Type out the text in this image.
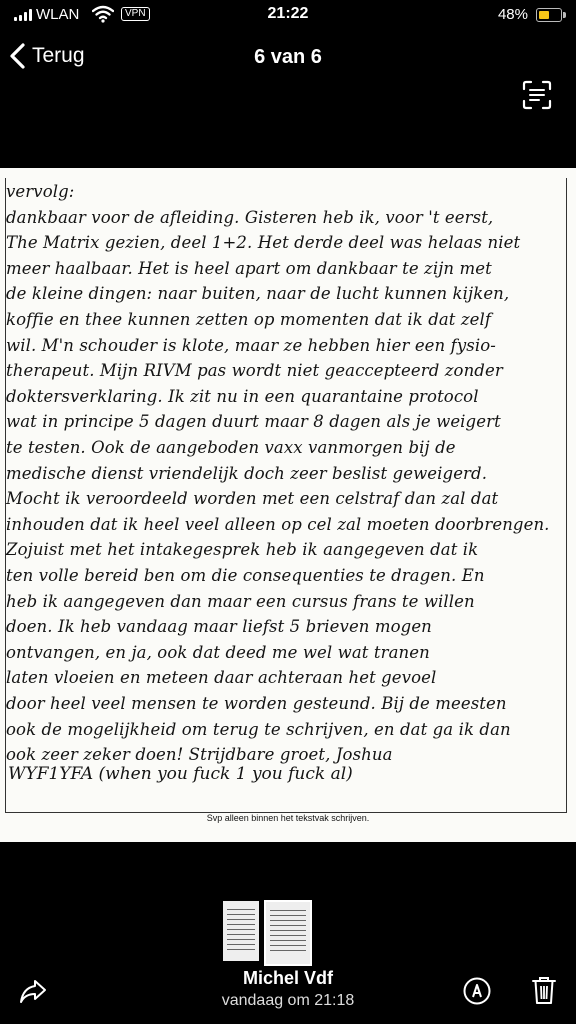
WLAN	VPN	21:22	48%
Terug	6 van 6
vervolg:
dankbaar voor de afleiding. Gisteren heb ik, voor 't eerst,
The Matrix gezien, deel 1+2. Het derde deel was helaas niet
meer haalbaar. Het is heel apart om dankbaar te zijn met
de kleine dingen: naar buiten, naar de lucht kunnen kijken,
koffie en thee kunnen zetten op momenten dat ik dat zelf
wil. M'n schouder is klote, maar ze hebben hier een fysio-
therapeut. Mijn RIVM pas wordt niet geaccepteerd zonder
doktersverklaring. Ik zit nu in een quarantaine protocol
wat in principe 5 dagen duurt maar 8 dagen als je weigert
te testen. Ook de aangeboden vaxx vanmorgen bij de
medische dienst vriendelijk doch zeer beslist geweigerd.
Mocht ik veroordeeld worden met een celstraf dan zal dat
inhouden dat ik heel veel alleen op cel zal moeten doorbrengen.
Zojuist met het intakegesprek heb ik aangegeven dat ik
ten volle bereid ben om die consequenties te dragen. En
heb ik aangegeven dan maar een cursus frans te willen
doen. Ik heb vandaag maar liefst 5 brieven mogen
ontvangen, en ja, ook dat deed me wel wat tranen
laten vloeien en meteen daar achteraan het gevoel
door heel veel mensen te worden gesteund. Bij de meesten
ook de mogelijkheid om terug te schrijven, en dat ga ik dan
ook zeer zeker doen! Strijdbare groet, Joshua
WYF1YFA (when you fuck 1 you fuck al)
Svp alleen binnen het tekstvak schrijven.
Michel Vdf
vandaag om 21:18
